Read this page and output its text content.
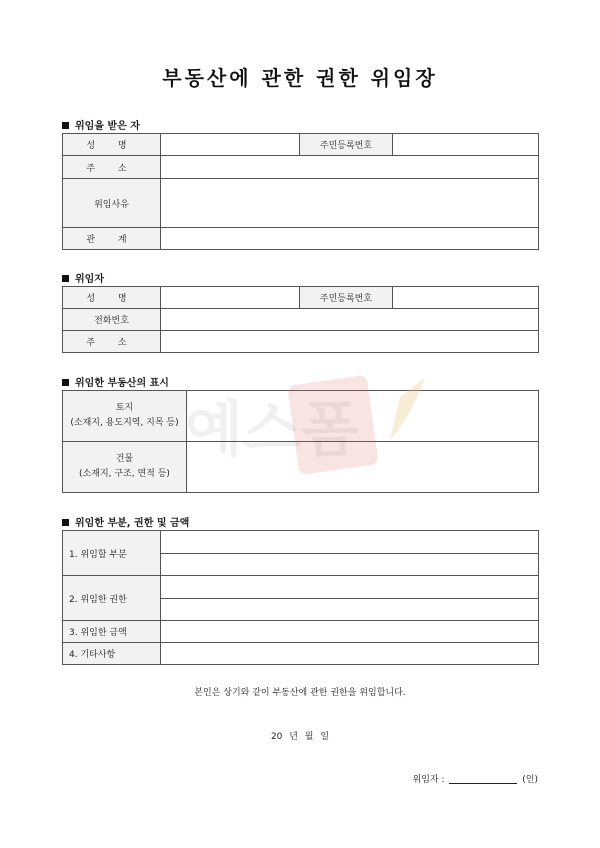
부동산에 관한 권한 위임장
위임을 받은 자
성 명		주민등록번호	
주 소			
위임사유			
관 계			
위임자
성 명		주민등록번호	
전화번호			
주 소			
위임한 부동산의 표시
토지
(소재지, 용도지역, 지목 등)	

건물
(소재지, 구조, 면적 등)	

예스폼
위임한 부분, 권한 및 금액
1. 위임할 부분	

2. 위임한 권한	

3. 위임한 금액	
4. 기타사항	
본인은 상기와 같이 부동산에 관한 권한을 위임합니다.
20 년 월 일
위임자 :	(인)
